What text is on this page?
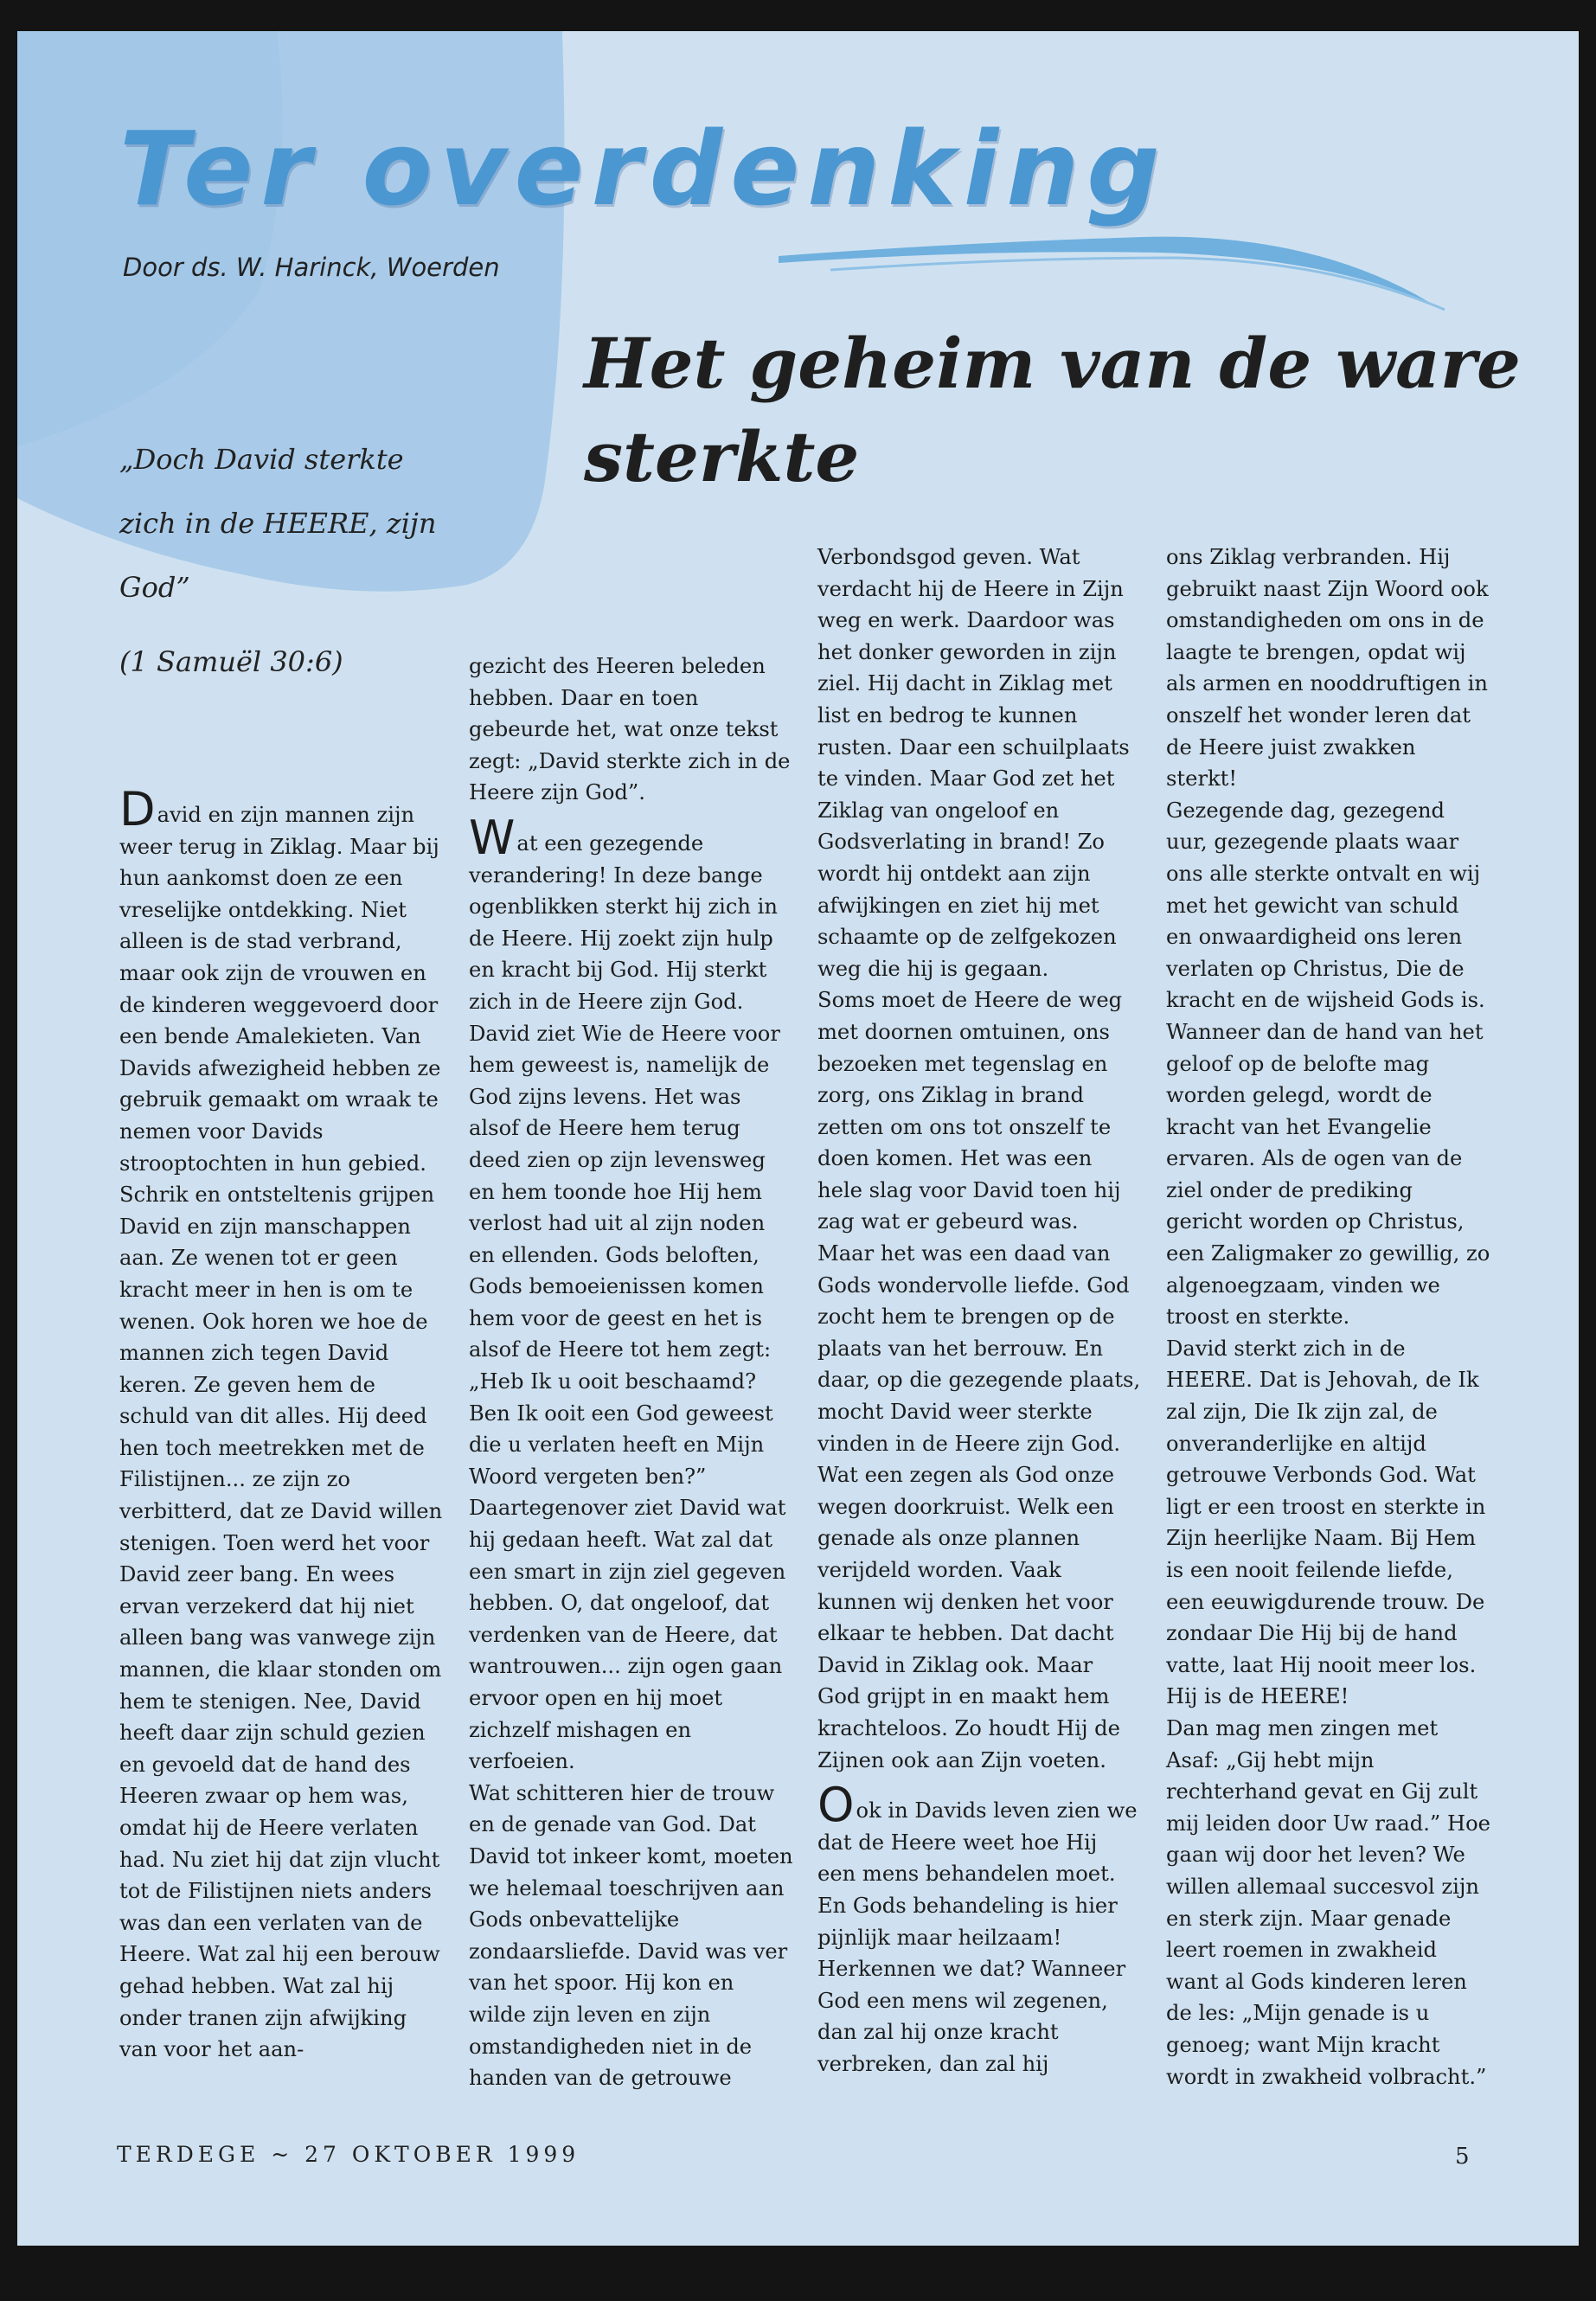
Ter overdenking

Door ds. W. Harinck, Woerden

Het geheim van de ware sterkte

„Doch David sterkte

zich in de HEERE, zijn

God”

(1 Samuël 30:6)

David en zijn mannen zijn weer terug in Ziklag. Maar bij hun aankomst doen ze een vreselijke ontdekking. Niet alleen is de stad verbrand, maar ook zijn de vrouwen en de kinderen weggevoerd door een bende Amalekieten. Van Davids afwezigheid hebben ze gebruik gemaakt om wraak te nemen voor Davids strooptochten in hun gebied. Schrik en ontsteltenis grijpen David en zijn manschappen aan. Ze wenen tot er geen kracht meer in hen is om te wenen. Ook horen we hoe de mannen zich tegen David keren. Ze geven hem de schuld van dit alles. Hij deed hen toch meetrekken met de Filistijnen... ze zijn zo verbitterd, dat ze David willen stenigen. Toen werd het voor David zeer bang. En wees ervan verzekerd dat hij niet alleen bang was vanwege zijn mannen, die klaar stonden om hem te stenigen. Nee, David heeft daar zijn schuld gezien en gevoeld dat de hand des Heeren zwaar op hem was, omdat hij de Heere verlaten had. Nu ziet hij dat zijn vlucht tot de Filistijnen niets anders was dan een verlaten van de Heere. Wat zal hij een berouw gehad hebben. Wat zal hij onder tranen zijn afwijking van voor het aan-

gezicht des Heeren beleden hebben. Daar en toen gebeurde het, wat onze tekst zegt: „David sterkte zich in de Heere zijn God”.

Wat een gezegende verandering! In deze bange ogenblikken sterkt hij zich in de Heere. Hij zoekt zijn hulp en kracht bij God. Hij sterkt zich in de Heere zijn God. David ziet Wie de Heere voor hem geweest is, namelijk de God zijns levens. Het was alsof de Heere hem terug deed zien op zijn levensweg en hem toonde hoe Hij hem verlost had uit al zijn noden en ellenden. Gods beloften, Gods bemoeienissen komen hem voor de geest en het is alsof de Heere tot hem zegt: „Heb Ik u ooit beschaamd? Ben Ik ooit een God geweest die u verlaten heeft en Mijn Woord vergeten ben?”

Daartegenover ziet David wat hij gedaan heeft. Wat zal dat een smart in zijn ziel gegeven hebben. O, dat ongeloof, dat verdenken van de Heere, dat wantrouwen... zijn ogen gaan ervoor open en hij moet zichzelf mishagen en verfoeien.

Wat schitteren hier de trouw en de genade van God. Dat David tot inkeer komt, moeten we helemaal toeschrijven aan Gods onbevattelijke zondaarsliefde. David was ver van het spoor. Hij kon en wilde zijn leven en zijn omstandigheden niet in de handen van de getrouwe

Verbondsgod geven. Wat verdacht hij de Heere in Zijn weg en werk. Daardoor was het donker geworden in zijn ziel. Hij dacht in Ziklag met list en bedrog te kunnen rusten. Daar een schuilplaats te vinden. Maar God zet het Ziklag van ongeloof en Godsverlating in brand! Zo wordt hij ontdekt aan zijn afwijkingen en ziet hij met schaamte op de zelfgekozen weg die hij is gegaan.

Soms moet de Heere de weg met doornen omtuinen, ons bezoeken met tegenslag en zorg, ons Ziklag in brand zetten om ons tot onszelf te doen komen. Het was een hele slag voor David toen hij zag wat er gebeurd was.

Maar het was een daad van Gods wondervolle liefde. God zocht hem te brengen op de plaats van het berrouw. En daar, op die gezegende plaats, mocht David weer sterkte vinden in de Heere zijn God.

Wat een zegen als God onze wegen doorkruist. Welk een genade als onze plannen verijdeld worden. Vaak kunnen wij denken het voor elkaar te hebben. Dat dacht David in Ziklag ook. Maar God grijpt in en maakt hem krachteloos. Zo houdt Hij de Zijnen ook aan Zijn voeten.

Ook in Davids leven zien we dat de Heere weet hoe Hij een mens behandelen moet. En Gods behandeling is hier pijnlijk maar heilzaam! Herkennen we dat? Wanneer God een mens wil zegenen, dan zal hij onze kracht verbreken, dan zal hij

ons Ziklag verbranden. Hij gebruikt naast Zijn Woord ook omstandigheden om ons in de laagte te brengen, opdat wij als armen en nooddruftigen in onszelf het wonder leren dat de Heere juist zwakken sterkt!

Gezegende dag, gezegend uur, gezegende plaats waar ons alle sterkte ontvalt en wij met het gewicht van schuld en onwaardigheid ons leren verlaten op Christus, Die de kracht en de wijsheid Gods is. Wanneer dan de hand van het geloof op de belofte mag worden gelegd, wordt de kracht van het Evangelie ervaren. Als de ogen van de ziel onder de prediking gericht worden op Christus, een Zaligmaker zo gewillig, zo algenoegzaam, vinden we troost en sterkte.

David sterkt zich in de HEERE. Dat is Jehovah, de Ik zal zijn, Die Ik zijn zal, de onveranderlijke en altijd getrouwe Verbonds God. Wat ligt er een troost en sterkte in Zijn heerlijke Naam. Bij Hem is een nooit feilende liefde, een eeuwigdurende trouw. De zondaar Die Hij bij de hand vatte, laat Hij nooit meer los. Hij is de HEERE!

Dan mag men zingen met Asaf: „Gij hebt mijn rechterhand gevat en Gij zult mij leiden door Uw raad.” Hoe gaan wij door het leven? We willen allemaal succesvol zijn en sterk zijn. Maar genade leert roemen in zwakheid want al Gods kinderen leren de les: „Mijn genade is u genoeg; want Mijn kracht wordt in zwakheid volbracht.”

TERDEGE ~ 27 OKTOBER 1999	5
